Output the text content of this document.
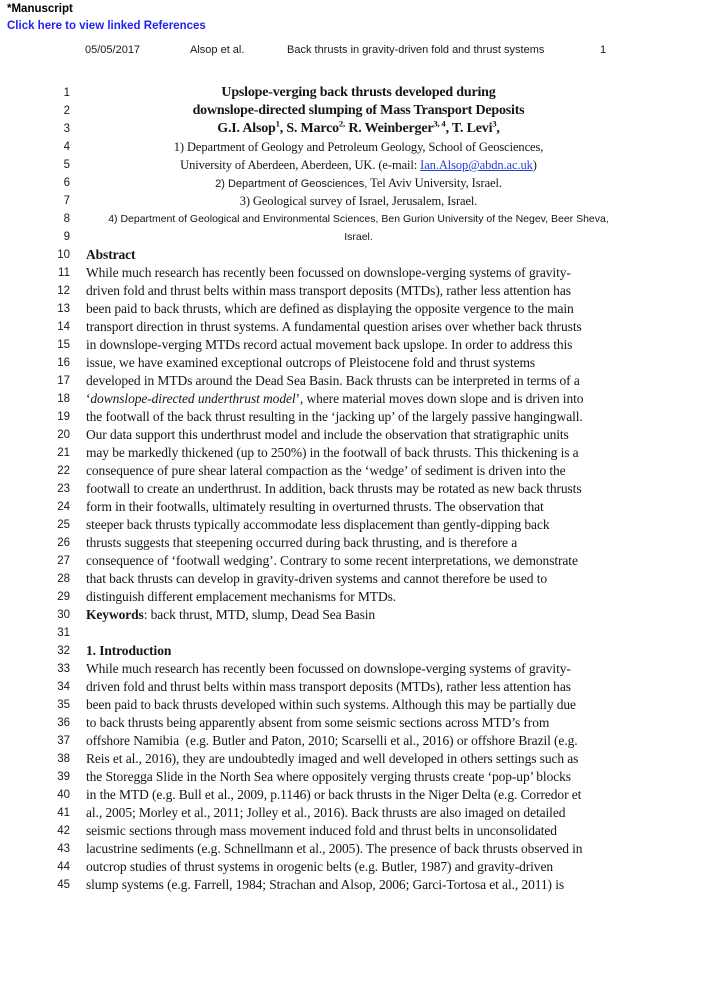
*Manuscript
Click here to view linked References
05/05/2017	Alsop et al.	Back thrusts in gravity-driven fold and thrust systems	1
1	Upslope-verging back thrusts developed during
2	downslope-directed slumping of Mass Transport Deposits
3	G.I. Alsop$^1$, S. Marco$^{2,}$ R. Weinberger$^{3, 4}$, T. Levi$^3$,
4	1) Department of Geology and Petroleum Geology, School of Geosciences,
5	University of Aberdeen, Aberdeen, UK. (e-mail: Ian.Alsop@abdn.ac.uk)
6	2) Department of Geosciences, Tel Aviv University, Israel.
7	3) Geological survey of Israel, Jerusalem, Israel.
8	4) Department of Geological and Environmental Sciences, Ben Gurion University of the Negev, Beer Sheva,
9	Israel.
10 Abstract
11 While much research has recently been focussed on downslope-verging systems of gravity-
12 driven fold and thrust belts within mass transport deposits (MTDs), rather less attention has
13 been paid to back thrusts, which are defined as displaying the opposite vergence to the main
14 transport direction in thrust systems. A fundamental question arises over whether back thrusts
15 in downslope-verging MTDs record actual movement back upslope. In order to address this
16 issue, we have examined exceptional outcrops of Pleistocene fold and thrust systems
17 developed in MTDs around the Dead Sea Basin. Back thrusts can be interpreted in terms of a
18 ‘downslope-directed underthrust model’, where material moves down slope and is driven into
19 the footwall of the back thrust resulting in the ‘jacking up’ of the largely passive hangingwall.
20 Our data support this underthrust model and include the observation that stratigraphic units
21 may be markedly thickened (up to 250%) in the footwall of back thrusts. This thickening is a
22 consequence of pure shear lateral compaction as the ‘wedge’ of sediment is driven into the
23 footwall to create an underthrust. In addition, back thrusts may be rotated as new back thrusts
24 form in their footwalls, ultimately resulting in overturned thrusts. The observation that
25 steeper back thrusts typically accommodate less displacement than gently-dipping back
26 thrusts suggests that steepening occurred during back thrusting, and is therefore a
27 consequence of ‘footwall wedging’. Contrary to some recent interpretations, we demonstrate
28 that back thrusts can develop in gravity-driven systems and cannot therefore be used to
29 distinguish different emplacement mechanisms for MTDs.
30 Keywords: back thrust, MTD, slump, Dead Sea Basin
31
32 1. Introduction
33 While much research has recently been focussed on downslope-verging systems of gravity-
34 driven fold and thrust belts within mass transport deposits (MTDs), rather less attention has
35 been paid to back thrusts developed within such systems. Although this may be partially due
36 to back thrusts being apparently absent from some seismic sections across MTD’s from
37 offshore Namibia  (e.g. Butler and Paton, 2010; Scarselli et al., 2016) or offshore Brazil (e.g.
38 Reis et al., 2016), they are undoubtedly imaged and well developed in others settings such as
39 the Storegga Slide in the North Sea where oppositely verging thrusts create ‘pop-up’ blocks
40 in the MTD (e.g. Bull et al., 2009, p.1146) or back thrusts in the Niger Delta (e.g. Corredor et
41 al., 2005; Morley et al., 2011; Jolley et al., 2016). Back thrusts are also imaged on detailed
42 seismic sections through mass movement induced fold and thrust belts in unconsolidated
43 lacustrine sediments (e.g. Schnellmann et al., 2005). The presence of back thrusts observed in
44 outcrop studies of thrust systems in orogenic belts (e.g. Butler, 1987) and gravity-driven
45 slump systems (e.g. Farrell, 1984; Strachan and Alsop, 2006; Garci-Tortosa et al., 2011) is
